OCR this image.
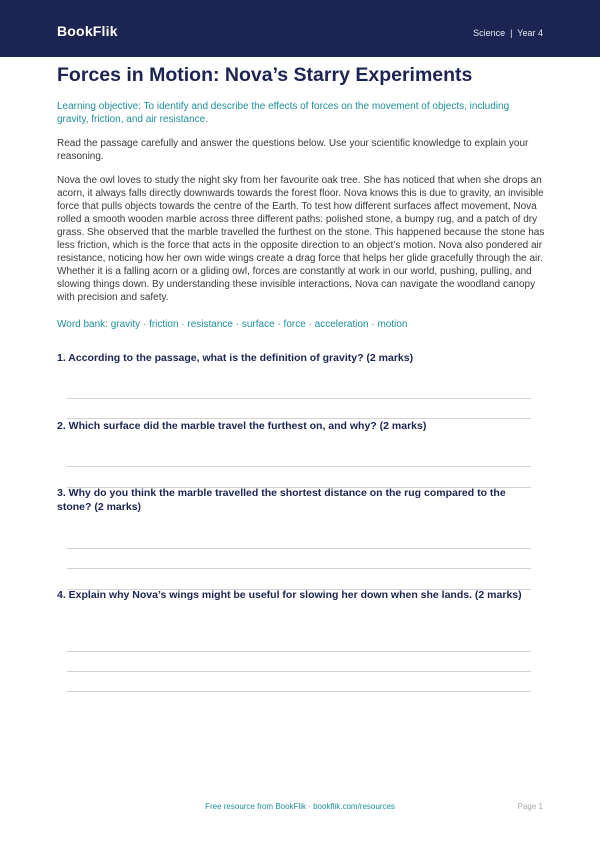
BookFlik	Science  |  Year 4
Forces in Motion: Nova’s Starry Experiments

Learning objective: To identify and describe the effects of forces on the movement of objects, including gravity, friction, and air resistance.

Read the passage carefully and answer the questions below. Use your scientific knowledge to explain your reasoning.

Nova the owl loves to study the night sky from her favourite oak tree. She has noticed that when she drops an acorn, it always falls directly downwards towards the forest floor. Nova knows this is due to gravity, an invisible force that pulls objects towards the centre of the Earth. To test how different surfaces affect movement, Nova rolled a smooth wooden marble across three different paths: polished stone, a bumpy rug, and a patch of dry grass. She observed that the marble travelled the furthest on the stone. This happened because the stone has less friction, which is the force that acts in the opposite direction to an object’s motion. Nova also pondered air resistance, noticing how her own wide wings create a drag force that helps her glide gracefully through the air. Whether it is a falling acorn or a gliding owl, forces are constantly at work in our world, pushing, pulling, and slowing things down. By understanding these invisible interactions, Nova can navigate the woodland canopy with precision and safety.

Word bank: gravity · friction · resistance · surface · force · acceleration · motion

1. According to the passage, what is the definition of gravity? (2 marks)

2. Which surface did the marble travel the furthest on, and why? (2 marks)

3. Why do you think the marble travelled the shortest distance on the rug compared to the stone? (2 marks)

4. Explain why Nova’s wings might be useful for slowing her down when she lands. (2 marks)

Free resource from BookFlik · bookflik.com/resources	Page 1
